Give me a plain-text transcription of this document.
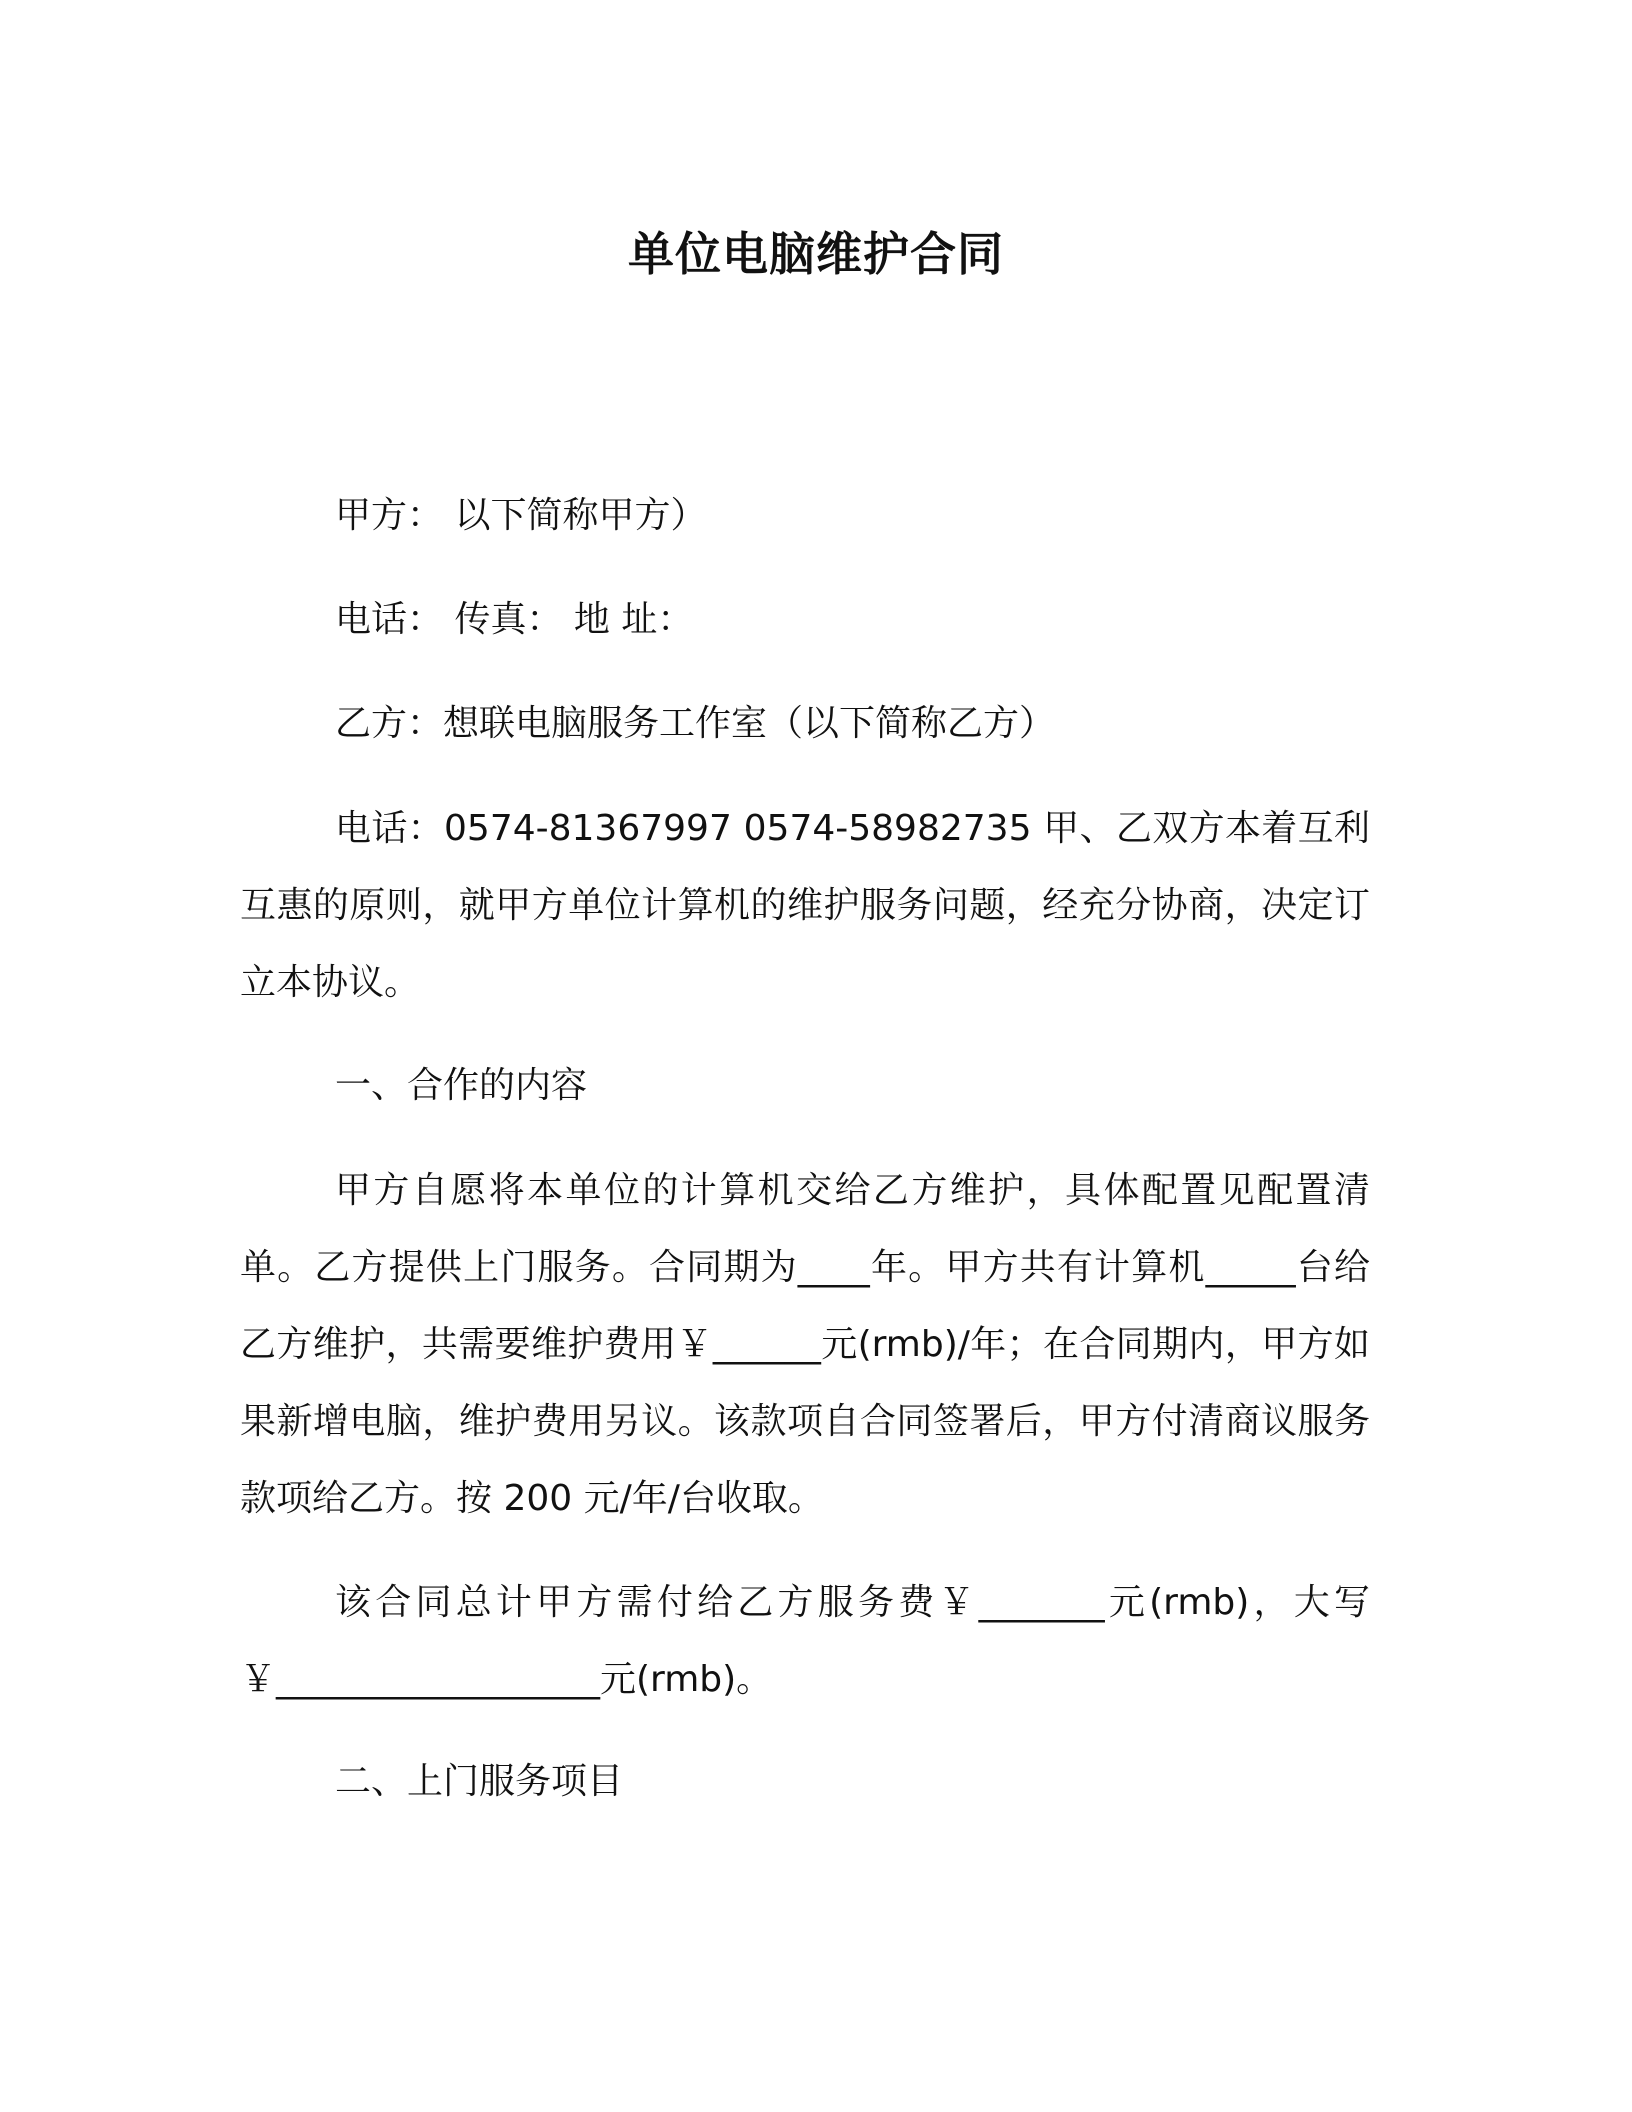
单位电脑维护合同
甲方： 以下简称甲方）
电话： 传真： 地 址：
乙方：想联电脑服务工作室（以下简称乙方）
电话：0574-81367997 0574-58982735 甲、乙双方本着互利互惠的原则，就甲方单位计算机的维护服务问题，经充分协商，决定订立本协议。
一、合作的内容
甲方自愿将本单位的计算机交给乙方维护，具体配置见配置清单。乙方提供上门服务。合同期为____年。甲方共有计算机_____台给乙方维护，共需要维护费用￥______元(rmb)/年；在合同期内，甲方如果新增电脑，维护费用另议。该款项自合同签署后，甲方付清商议服务款项给乙方。按 200 元/年/台收取。
该合同总计甲方需付给乙方服务费￥_______元(rmb)，大写￥__________________元(rmb)。
二、上门服务项目
